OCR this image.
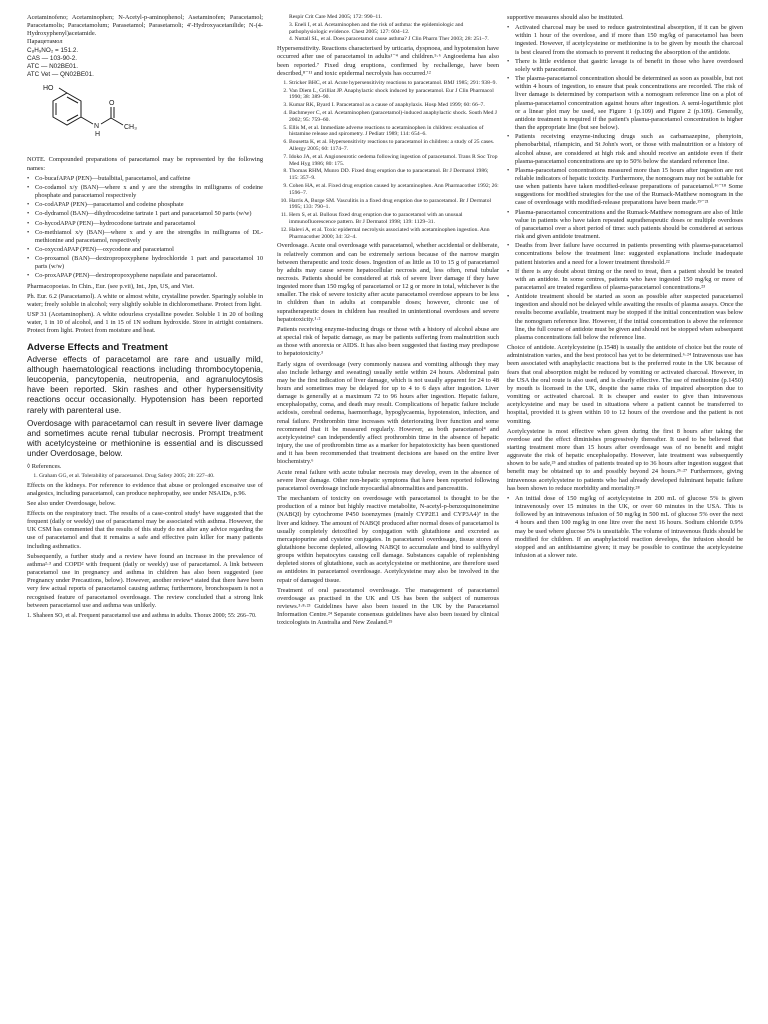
Acetaminofeno; Acetaminophen; N-Acetyl-p-aminophenol; Asetaminofen; Paracetamol; Paracetamolis; Paracetamolum; Parasetamol; Parasetamoli; 4′-Hydroxyacetanilide; N-(4-Hydroxyphenyl)acetamide.

Парацетамол
C₈H₉NO₂ = 151.2.
CAS — 103-90-2.
ATC — N02BE01.
ATC Vet — QN02BE01.
HO
N
H
O
CH₃

NOTE. Compounded preparations of paracetamol may be represented by the following names:

• Co-bucafAPAP (PEN)—butalbital, paracetamol, and caffeine
• Co-codamol x/y (BAN)—where x and y are the strengths in milligrams of codeine phosphate and paracetamol respectively
• Co-codAPAP (PEN)—paracetamol and codeine phosphate
• Co-dydramol (BAN)—dihydrocodeine tartrate 1 part and paracetamol 50 parts (w/w)
• Co-hycodAPAP (PEN)—hydrocodone tartrate and paracetamol
• Co-methiamol x/y (BAN)—where x and y are the strengths in milligrams of DL-methionine and paracetamol, respectively
• Co-oxycodAPAP (PEN)—oxycodone and paracetamol
• Co-proxamol (BAN)—dextropropoxyphene hydrochloride 1 part and paracetamol 10 parts (w/w)
• Co-proxAPAP (PEN)—dextropropoxyphene napsilate and paracetamol.

Pharmacopoeias. In Chin., Eur. (see p.vii), Int., Jpn, US, and Viet.

Ph. Eur. 6.2 (Paracetamol). A white or almost white, crystalline powder. Sparingly soluble in water; freely soluble in alcohol; very slightly soluble in dichloromethane. Protect from light.

USP 31 (Acetaminophen). A white odourless crystalline powder. Soluble 1 in 20 of boiling water, 1 in 10 of alcohol, and 1 in 15 of 1N sodium hydroxide. Store in airtight containers. Protect from light. Protect from moisture and heat.

Adverse Effects and Treatment

Adverse effects of paracetamol are rare and usually mild, although haematological reactions including thrombocytopenia, leucopenia, pancytopenia, neutropenia, and agranulocytosis have been reported. Skin rashes and other hypersensitivity reactions occur occasionally. Hypotension has been reported rarely with parenteral use.

Overdosage with paracetamol can result in severe liver damage and sometimes acute renal tubular necrosis. Prompt treatment with acetylcysteine or methionine is essential and is discussed under Overdosage, below.

◊ References.

1. Graham GG, et al. Tolerability of paracetamol. Drug Safety 2005; 28: 227–40.

Effects on the kidneys. For reference to evidence that abuse or prolonged excessive use of analgesics, including paracetamol, can produce nephropathy, see under NSAIDs, p.96.

See also under Overdosage, below.

Effects on the respiratory tract. The results of a case-control study¹ have suggested that the frequent (daily or weekly) use of paracetamol may be associated with asthma. However, the UK CSM has commented that the results of this study do not alter any advice regarding the use of paracetamol and that it remains a safe and effective pain killer for many patients including asthmatics.

Subsequently, a further study and a review have found an increase in the prevalence of asthma²·³ and COPD² with frequent (daily or weekly) use of paracetamol. A link between paracetamol use in pregnancy and asthma in children has also been suggested (see Pregnancy under Precautions, below). However, another review⁴ stated that there have been very few actual reports of paracetamol causing asthma; furthermore, bronchospasm is not a recognised feature of paracetamol overdosage. The review concluded that a strong link between paracetamol use and asthma was unlikely.

1. Shaheen SO, et al. Frequent paracetamol use and asthma in adults. Thorax 2000; 55: 266–70.

Respir Crit Care Med 2005; 172: 990–11.
3. Eneli I, et al. Acetaminophen and the risk of asthma: the epidemiologic and pathophysiologic evidence. Chest 2005; 127: 604–12.
4. Nuttall SL, et al. Does paracetamol cause asthma? J Clin Pharm Ther 2003; 28: 251–7.

Hypersensitivity. Reactions characterised by urticaria, dyspnoea, and hypotension have occurred after use of paracetamol in adults¹⁻⁴ and children.⁵·⁶ Angioedema has also been reported.⁷ Fixed drug eruptions, confirmed by rechallenge, have been described,⁸⁻¹¹ and toxic epidermal necrolysis has occurred.¹²

1. Stricker BHC, et al. Acute hypersensitivity reactions to paracetamol. BMJ 1985; 291: 938–9.
2. Van Diem L, Grilliat JP. Anaphylactic shock induced by paracetamol. Eur J Clin Pharmacol 1990; 38: 389–90.
3. Kumar RK, Byard I. Paracetamol as a cause of anaphylaxis. Hosp Med 1999; 60: 66–7.
4. Bachmeyer C, et al. Acetaminophen (paracetamol)-induced anaphylactic shock. South Med J 2002; 95: 759–60.
5. Ellis M, et al. Immediate adverse reactions to acetaminophen in children: evaluation of histamine release and spirometry. J Pediatr 1989; 114: 654–6.
6. Bousetta K, et al. Hypersensitivity reactions to paracetamol in children: a study of 25 cases. Allergy 2005; 60: 1174–7.
7. Idoko JA, et al. Angioneurotic oedema following ingestion of paracetamol. Trans R Soc Trop Med Hyg 1986; 80: 175.
8. Thomas RHM, Munro DD. Fixed drug eruption due to paracetamol. Br J Dermatol 1986; 115: 357–9.
9. Cohen HA, et al. Fixed drug eruption caused by acetaminophen. Ann Pharmacother 1992; 26: 1596–7.
10. Harris A, Burge SM. Vasculitis in a fixed drug eruption due to paracetamol. Br J Dermatol 1995; 133: 790–1.
11. Hern S, et al. Bullous fixed drug eruption due to paracetamol with an unusual immunofluorescence pattern. Br J Dermatol 1998; 139: 1129–31.
12. Halevi A, et al. Toxic epidermal necrolysis associated with acetaminophen ingestion. Ann Pharmacother 2000; 34: 32–4.

Overdosage. Acute oral overdosage with paracetamol, whether accidental or deliberate, is relatively common and can be extremely serious because of the narrow margin between therapeutic and toxic doses. Ingestion of as little as 10 to 15 g of paracetamol by adults may cause severe hepatocellular necrosis and, less often, renal tubular necrosis. Patients should be considered at risk of severe liver damage if they have ingested more than 150 mg/kg of paracetamol or 12 g or more in total, whichever is the smaller. The risk of severe toxicity after acute paracetamol overdose appears to be less in children than in adults at comparable doses; however, chronic use of supratherapeutic doses in children has resulted in unintentional overdoses and severe hepatotoxicity.¹·²

Patients receiving enzyme-inducing drugs or those with a history of alcohol abuse are at special risk of hepatic damage, as may be patients suffering from malnutrition such as those with anorexia or AIDS. It has also been suggested that fasting may predispose to hepatotoxicity.³

Early signs of overdosage (very commonly nausea and vomiting although they may also include lethargy and sweating) usually settle within 24 hours. Abdominal pain may be the first indication of liver damage, which is not usually apparent for 24 to 48 hours and sometimes may be delayed for up to 4 to 6 days after ingestion. Liver damage is generally at a maximum 72 to 96 hours after ingestion. Hepatic failure, encephalopathy, coma, and death may result. Complications of hepatic failure include acidosis, cerebral oedema, haemorrhage, hypoglycaemia, hypotension, infection, and renal failure. Prothrombin time increases with deteriorating liver function and some recommend that it be measured regularly. However, as both paracetamol⁴ and acetylcysteine⁵ can independently affect prothrombin time in the absence of hepatic injury, the use of prothrombin time as a marker for hepatotoxicity has been questioned and it has been recommended that treatment decisions are based on the entire liver biochemistry.⁶

Acute renal failure with acute tubular necrosis may develop, even in the absence of severe liver damage. Other non-hepatic symptoms that have been reported following paracetamol overdosage include myocardial abnormalities and pancreatitis.

The mechanism of toxicity on overdosage with paracetamol is thought to be the production of a minor but highly reactive metabolite, N-acetyl-p-benzoquinoneimine (NABQI) by cytochrome P450 isoenzymes (mainly CYP2E1 and CYP3A4)⁷ in the liver and kidney. The amount of NABQI produced after normal doses of paracetamol is usually completely detoxified by conjugation with glutathione and excreted as mercaptopurine and cysteine conjugates. In paracetamol overdosage, tissue stores of glutathione become depleted, allowing NABQI to accumulate and bind to sulfhydryl groups within hepatocytes causing cell damage. Substances capable of replenishing depleted stores of glutathione, such as acetylcysteine or methionine, are therefore used as antidotes in paracetamol overdosage. Acetylcysteine may also be involved in the repair of damaged tissue.

Treatment of oral paracetamol overdosage. The management of paracetamol overdosage as practised in the UK and US has been the subject of numerous reviews.³·⁸·²³ Guidelines have also been issued in the UK by the Paracetamol Information Centre.²⁴ Separate consensus guidelines have also been issued by clinical toxicologists in Australia and New Zealand.²⁵

supportive measures should also be instituted.

• Activated charcoal may be used to reduce gastrointestinal absorption, if it can be given within 1 hour of the overdose, and if more than 150 mg/kg of paracetamol has been ingested. However, if acetylcysteine or methionine is to be given by mouth the charcoal is best cleared from the stomach to prevent it reducing the absorption of the antidote.
• There is little evidence that gastric lavage is of benefit in those who have overdosed solely with paracetamol.
• The plasma-paracetamol concentration should be determined as soon as possible, but not within 4 hours of ingestion, to ensure that peak concentrations are recorded. The risk of liver damage is determined by comparison with a nomogram reference line on a plot of plasma-paracetamol concentration against hours after ingestion. A semi-logarithmic plot or a linear plot may be used, see Figure 1 (p.109) and Figure 2 (p.109). Generally, antidote treatment is required if the patient's plasma-paracetamol concentration is higher than the appropriate line (but see below).
• Patients receiving enzyme-inducing drugs such as carbamazepine, phenytoin, phenobarbital, rifampicin, and St John's wort, or those with malnutrition or a history of alcohol abuse, are considered at high risk and should receive an antidote even if their plasma-paracetamol concentrations are up to 50% below the standard reference line.
• Plasma-paracetamol concentrations measured more than 15 hours after ingestion are not reliable indicators of hepatic toxicity. Furthermore, the nomogram may not be suitable for use when patients have taken modified-release preparations of paracetamol.¹⁶⁻¹⁸ Some suggestions for modified strategies for the use of the Rumack-Matthew nomogram in the case of overdosage with modified-release preparations have been made.¹⁹⁻²¹
• Plasma-paracetamol concentrations and the Rumack-Matthew nomogram are also of little value in patients who have taken repeated supratherapeutic doses or multiple overdoses of paracetamol over a short period of time: such patients should be considered at serious risk and given antidote treatment.
• Deaths from liver failure have occurred in patients presenting with plasma-paracetamol concentrations below the treatment line: suggested explanations include inadequate patient histories and a need for a lower treatment threshold.²²
• If there is any doubt about timing or the need to treat, then a patient should be treated with an antidote. In some centres, patients who have ingested 150 mg/kg or more of paracetamol are treated regardless of plasma-paracetamol concentrations.²³
• Antidote treatment should be started as soon as possible after suspected paracetamol ingestion and should not be delayed while awaiting the results of plasma assays. Once the results become available, treatment may be stopped if the initial concentration was below the nomogram reference line. However, if the initial concentration is above the reference line, the full course of antidote must be given and should not be stopped when subsequent plasma concentrations fall below the reference line.

Choice of antidote. Acetylcysteine (p.1548) is usually the antidote of choice but the route of administration varies, and the best protocol has yet to be determined.⁶·²⁴ Intravenous use has been associated with anaphylactic reactions but is the preferred route in the UK because of fears that oral absorption might be reduced by vomiting or activated charcoal. However, in the USA the oral route is also used, and is clearly effective. The use of methionine (p.1450) by mouth is licensed in the UK, despite the same risks of impaired absorption due to vomiting or activated charcoal. It is cheaper and easier to give than intravenous acetylcysteine and may be used in situations where a patient cannot be transferred to hospital, provided it is given within 10 to 12 hours of the overdose and the patient is not vomiting.

Acetylcysteine is most effective when given during the first 8 hours after taking the overdose and the effect diminishes progressively thereafter. It used to be believed that starting treatment more than 15 hours after overdosage was of no benefit and might aggravate the risk of hepatic encephalopathy. However, late treatment was subsequently shown to be safe,²⁵ and studies of patients treated up to 36 hours after ingestion suggest that benefit may be obtained up to and possibly beyond 24 hours.²⁶·²⁷ Furthermore, giving intravenous acetylcysteine to patients who had already developed fulminant hepatic failure has been shown to reduce morbidity and mortality.²⁸

• An initial dose of 150 mg/kg of acetylcysteine in 200 mL of glucose 5% is given intravenously over 15 minutes in the UK, or over 60 minutes in the USA. This is followed by an intravenous infusion of 50 mg/kg in 500 mL of glucose 5% over the next 4 hours and then 100 mg/kg in one litre over the next 16 hours. Sodium chloride 0.9% may be used where glucose 5% is unsuitable. The volume of intravenous fluids should be modified for children. If an anaphylactoid reaction develops, the infusion should be stopped and an antihistamine given; it may be possible to continue the acetylcysteine infusion at a slower rate.
